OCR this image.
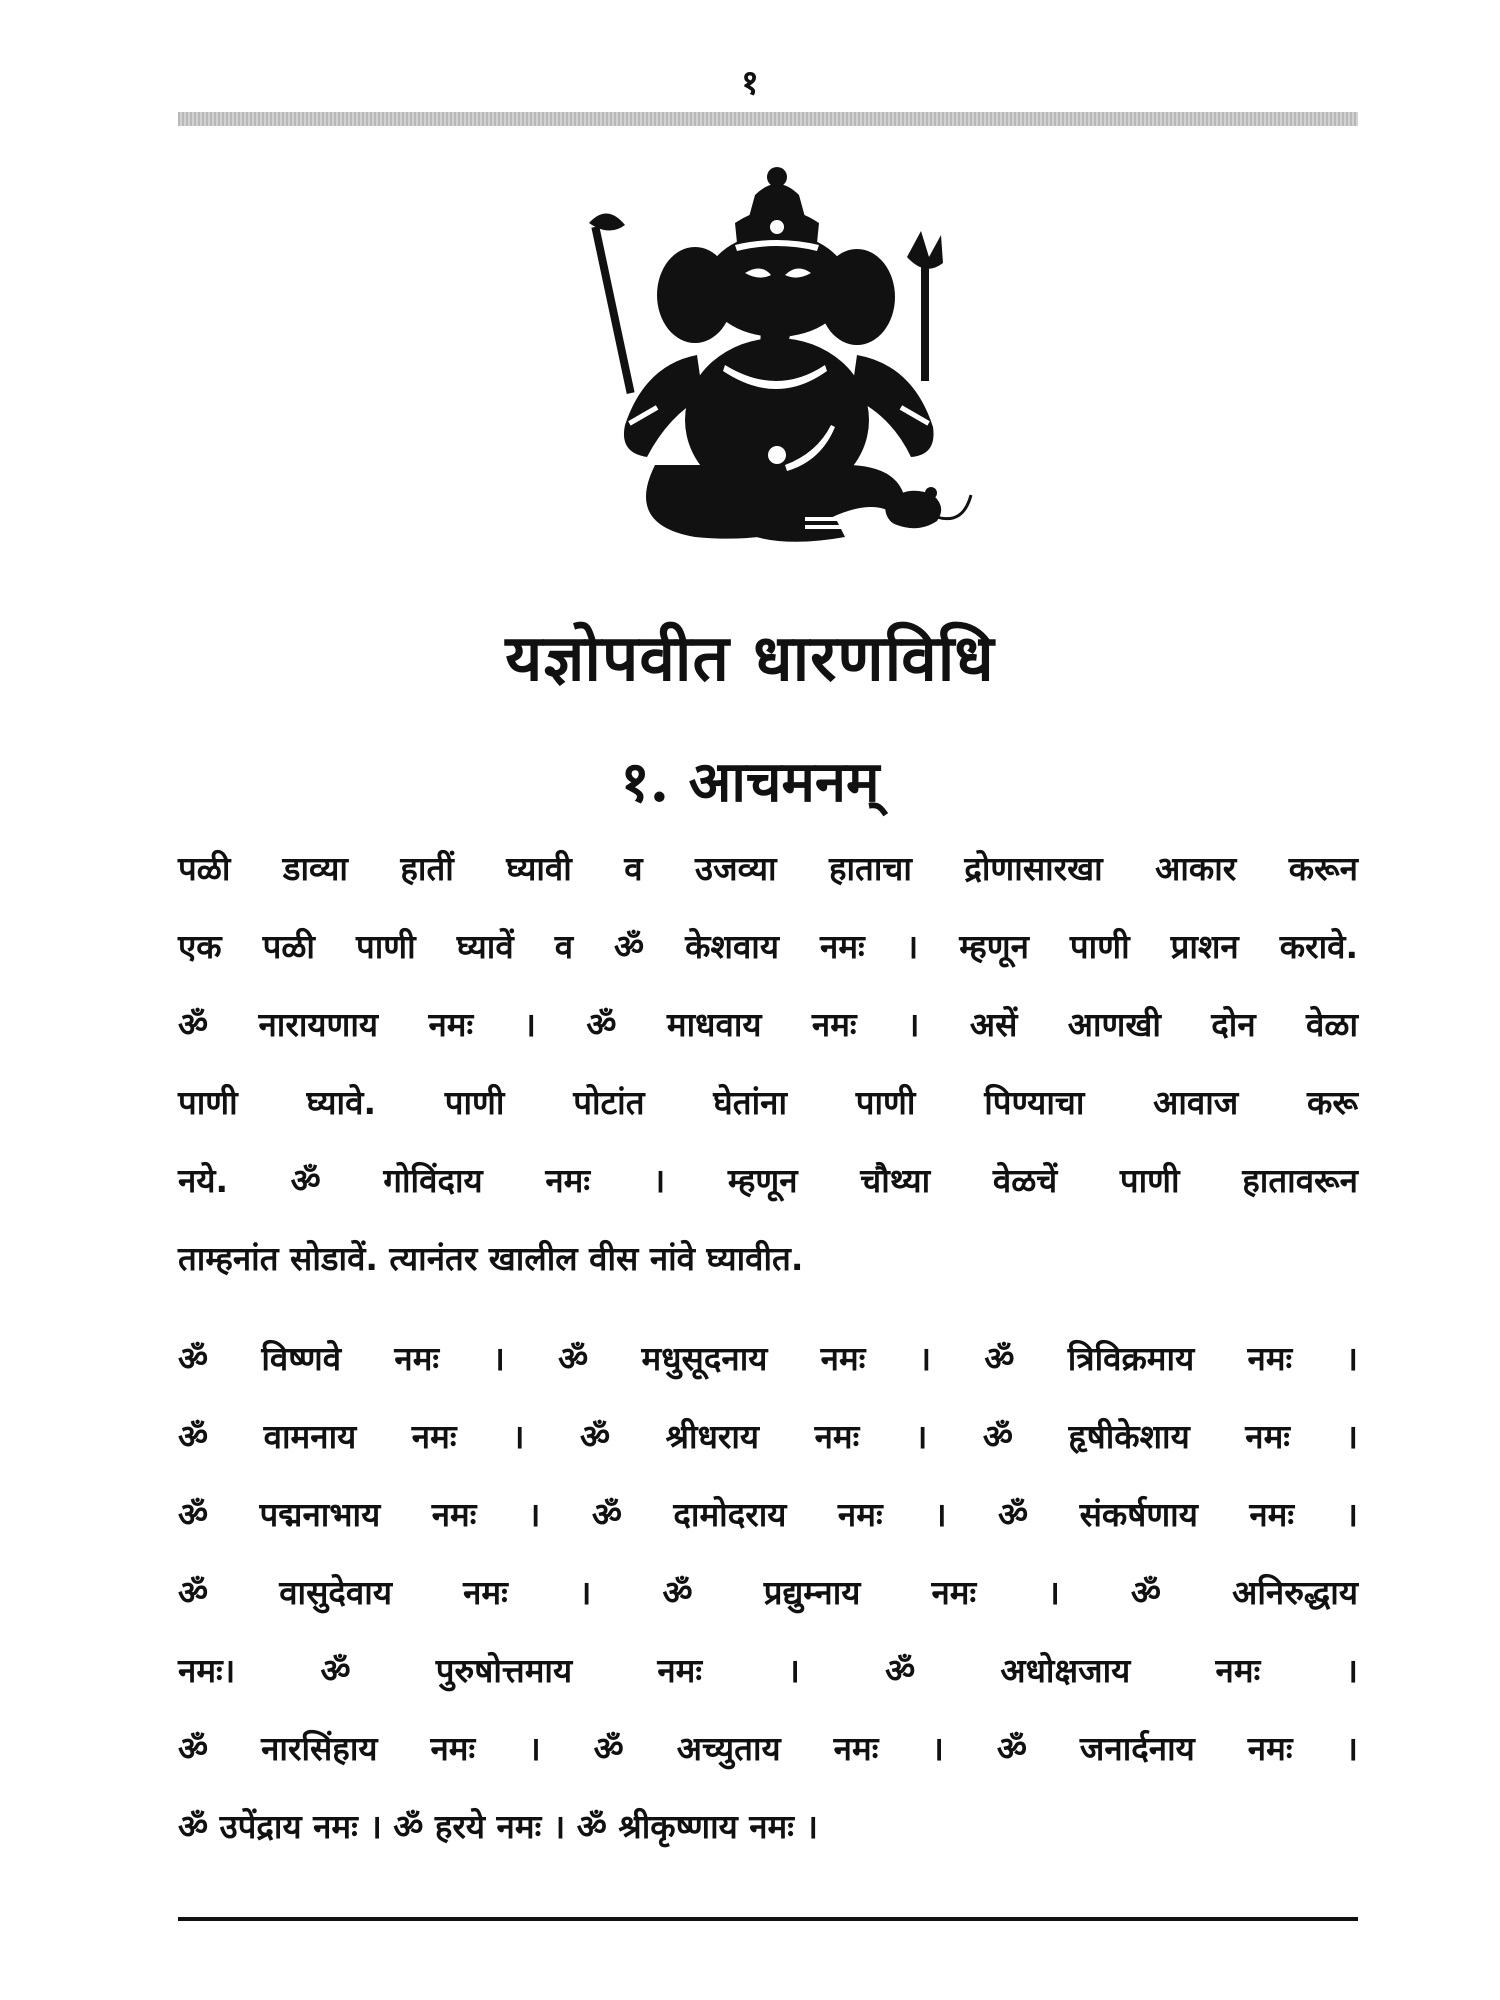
१
यज्ञोपवीत धारणविधि
१. आचमनम्
पळी डाव्या हातीं घ्यावी व उजव्या हाताचा द्रोणासारखा आकार करून
एक पळी पाणी घ्यावें व ॐ केशवाय नमः । म्हणून पाणी प्राशन करावे.
ॐ नारायणाय नमः । ॐ माधवाय नमः । असें आणखी दोन वेळा
पाणी घ्यावे. पाणी पोटांत घेतांना पाणी पिण्याचा आवाज करू
नये. ॐ गोविंदाय नमः । म्हणून चौथ्या वेळचें पाणी हातावरून
ताम्हनांत सोडावें. त्यानंतर खालील वीस नांवे घ्यावीत.
ॐ विष्णवे नमः । ॐ मधुसूदनाय नमः । ॐ त्रिविक्रमाय नमः ।
ॐ वामनाय नमः । ॐ श्रीधराय नमः । ॐ हृषीकेशाय नमः ।
ॐ पद्मनाभाय नमः । ॐ दामोदराय नमः । ॐ संकर्षणाय नमः ।
ॐ वासुदेवाय नमः । ॐ प्रद्युम्नाय नमः । ॐ अनिरुद्धाय
नमः। ॐ पुरुषोत्तमाय नमः । ॐ अधोक्षजाय नमः ।
ॐ नारसिंहाय नमः । ॐ अच्युताय नमः । ॐ जनार्दनाय नमः ।
ॐ उपेंद्राय नमः । ॐ हरये नमः । ॐ श्रीकृष्णाय नमः ।
